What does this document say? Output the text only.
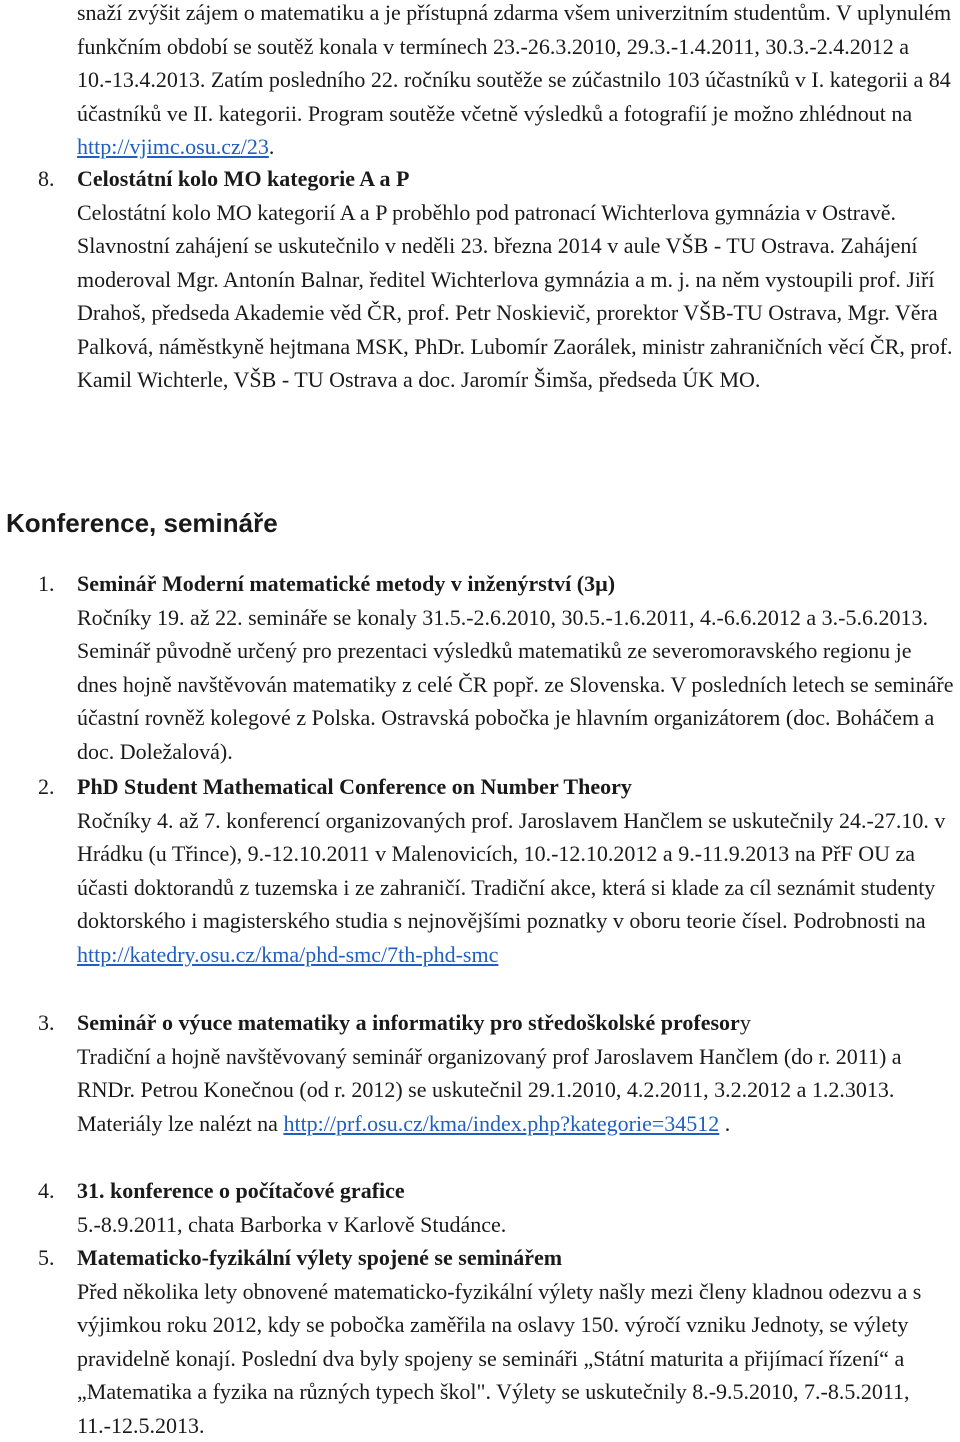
snaží zvýšit zájem o matematiku a je přístupná zdarma všem univerzitním studentům. V uplynulém funkčním období se soutěž konala v termínech 23.-26.3.2010, 29.3.-1.4.2011, 30.3.-2.4.2012 a 10.-13.4.2013. Zatím posledního 22. ročníku soutěže se zúčastnilo 103 účastníků v I. kategorii a 84 účastníků ve II. kategorii. Program soutěže včetně výsledků a fotografií je možno zhlédnout na http://vjimc.osu.cz/23.

8.	Celostátní kolo MO kategorie A a P

Celostátní kolo MO kategorií A a P proběhlo pod patronací Wichterlova gymnázia v Ostravě. Slavnostní zahájení se uskutečnilo v neděli 23. března 2014 v aule VŠB - TU Ostrava. Zahájení moderoval Mgr. Antonín Balnar, ředitel Wichterlova gymnázia a m. j. na něm vystoupili prof. Jiří Drahoš, předseda Akademie věd ČR, prof. Petr Noskievič, prorektor VŠB-TU Ostrava, Mgr. Věra Palková, náměstkyně hejtmana MSK, PhDr. Lubomír Zaorálek, ministr zahraničních věcí ČR, prof. Kamil Wichterle, VŠB - TU Ostrava a doc. Jaromír Šimša, předseda ÚK MO.

Konference, semináře
1.	Seminář Moderní matematické metody v inženýrství (3µ)

Ročníky 19. až 22. semináře se konaly 31.5.-2.6.2010, 30.5.-1.6.2011, 4.-6.6.2012 a 3.-5.6.2013. Seminář původně určený pro prezentaci výsledků matematiků ze severomoravského regionu je dnes hojně navštěvován matematiky z celé ČR popř. ze Slovenska. V posledních letech se semináře účastní rovněž kolegové z Polska. Ostravská pobočka je hlavním organizátorem (doc. Boháčem a doc. Doležalová).

2.	PhD Student Mathematical Conference on Number Theory

Ročníky 4. až 7. konferencí organizovaných prof. Jaroslavem Hančlem se uskutečnily 24.-27.10. v Hrádku (u Třince), 9.-12.10.2011 v Malenovicích, 10.-12.10.2012 a 9.-11.9.2013 na PřF OU za účasti doktorandů z tuzemska i ze zahraničí. Tradiční akce, která si klade za cíl seznámit studenty doktorského i magisterského studia s nejnovějšími poznatky v oboru teorie čísel. Podrobnosti na http://katedry.osu.cz/kma/phd-smc/7th-phd-smc

3.	Seminář o výuce matematiky a informatiky pro středoškolské profesory

Tradiční a hojně navštěvovaný seminář organizovaný prof Jaroslavem Hančlem (do r. 2011) a RNDr. Petrou Konečnou (od r. 2012) se uskutečnil 29.1.2010, 4.2.2011, 3.2.2012 a 1.2.3013. Materiály lze nalézt na http://prf.osu.cz/kma/index.php?kategorie=34512 .

4.	31. konference o počítačové grafice

5.-8.9.2011, chata Barborka v Karlově Studánce.

5.	Matematicko-fyzikální výlety spojené se seminářem

Před několika lety obnovené matematicko-fyzikální výlety našly mezi členy kladnou odezvu a s výjimkou roku 2012, kdy se pobočka zaměřila na oslavy 150. výročí vzniku Jednoty, se výlety pravidelně konají. Poslední dva byly spojeny se semináři „Státní maturita a přijímací řízení“ a „Matematika a fyzika na různých typech škol". Výlety se uskutečnily 8.-9.5.2010, 7.-8.5.2011, 11.-12.5.2013.
